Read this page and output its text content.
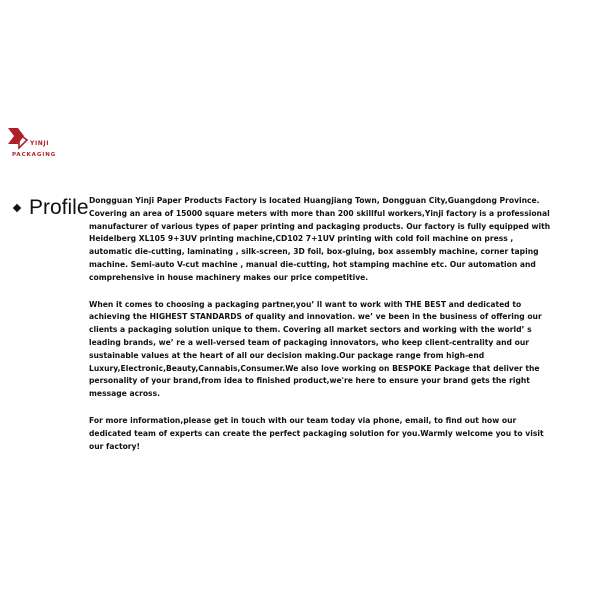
YINJI
PACKAGING
Profile Dongguan Yinji Paper Products Factory is located Huangjiang Town, Dongguan City,Guangdong Province. Covering an area of 15000 square meters with more than 200 skillful workers,Yinji factory is a professional manufacturer of various types of paper printing and packaging products. Our factory is fully equipped with Heidelberg XL105 9+3UV printing machine,CD102 7+1UV printing with cold foil machine on press , automatic die-cutting, laminating , silk-screen, 3D foil, box-gluing, box assembly machine, corner taping machine. Semi-auto V-cut machine , manual die-cutting, hot stamping machine etc. Our automation and comprehensive in house machinery makes our price competitive.

When it comes to choosing a packaging partner,you’ ll want to work with THE BEST and dedicated to achieving the HIGHEST STANDARDS of quality and innovation. we’ ve been in the business of offering our clients a packaging solution unique to them. Covering all market sectors and working with the world’ s leading brands, we’ re a well-versed team of packaging innovators, who keep client-centrality and our sustainable values at the heart of all our decision making.Our package range from high-end Luxury,Electronic,Beauty,Cannabis,Consumer.We also love working on BESPOKE Package that deliver the personality of your brand,from idea to finished product,we're here to ensure your brand gets the right message across.

For more information,please get in touch with our team today via phone, email, to find out how our dedicated team of experts can create the perfect packaging solution for you.Warmly welcome you to visit our factory!
